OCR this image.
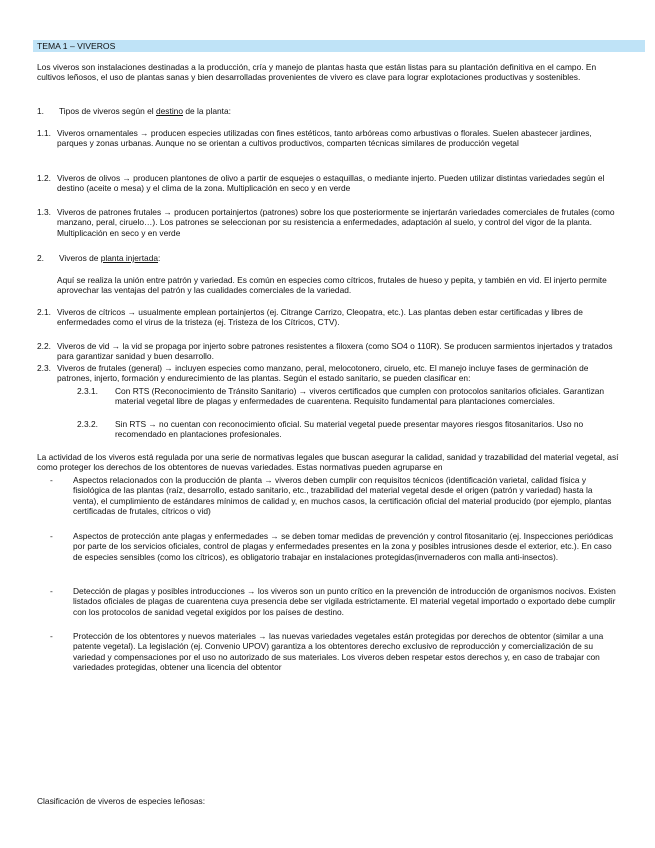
TEMA 1 – VIVEROS

Los viveros son instalaciones destinadas a la producción, cría y manejo de plantas hasta que están listas para su plantación definitiva en el campo. En cultivos leñosos, el uso de plantas sanas y bien desarrolladas provenientes de vivero es clave para lograr explotaciones productivas y sostenibles.

1.	Tipos de viveros según el destino de la planta:
1.1. Viveros ornamentales → producen especies utilizadas con fines estéticos, tanto arbóreas como arbustivas o florales. Suelen abastecer jardines, parques y zonas urbanas. Aunque no se orientan a cultivos productivos, comparten técnicas similares de producción vegetal
1.2. Viveros de olivos → producen plantones de olivo a partir de esquejes o estaquillas, o mediante injerto. Pueden utilizar distintas variedades según el destino (aceite o mesa) y el clima de la zona. Multiplicación en seco y en verde
1.3. Viveros de patrones frutales → producen portainjertos (patrones) sobre los que posteriormente se injertarán variedades comerciales de frutales (como manzano, peral, ciruelo…). Los patrones se seleccionan por su resistencia a enfermedades, adaptación al suelo, y control del vigor de la planta. Multiplicación en seco y en verde
2.	Viveros de planta injertada:

Aquí se realiza la unión entre patrón y variedad. Es común en especies como cítricos, frutales de hueso y pepita, y también en vid. El injerto permite aprovechar las ventajas del patrón y las cualidades comerciales de la variedad.

2.1. Viveros de cítricos → usualmente emplean portainjertos (ej. Citrange Carrizo, Cleopatra, etc.). Las plantas deben estar certificadas y libres de enfermedades como el virus de la tristeza (ej. Tristeza de los Cítricos, CTV).
2.2. Viveros de vid → la vid se propaga por injerto sobre patrones resistentes a filoxera (como SO4 o 110R). Se producen sarmientos injertados y tratados para garantizar sanidad y buen desarrollo.
2.3. Viveros de frutales (general) → incluyen especies como manzano, peral, melocotonero, ciruelo, etc. El manejo incluye fases de germinación de patrones, injerto, formación y endurecimiento de las plantas. Según el estado sanitario, se pueden clasificar en:
2.3.1.	Con RTS (Reconocimiento de Tránsito Sanitario) → viveros certificados que cumplen con protocolos sanitarios oficiales. Garantizan material vegetal libre de plagas y enfermedades de cuarentena. Requisito fundamental para plantaciones comerciales.
2.3.2.	Sin RTS → no cuentan con reconocimiento oficial. Su material vegetal puede presentar mayores riesgos fitosanitarios. Uso no recomendado en plantaciones profesionales.

La actividad de los viveros está regulada por una serie de normativas legales que buscan asegurar la calidad, sanidad y trazabilidad del material vegetal, así como proteger los derechos de los obtentores de nuevas variedades. Estas normativas pueden agruparse en

-	Aspectos relacionados con la producción de planta → viveros deben cumplir con requisitos técnicos (identificación varietal, calidad física y fisiológica de las plantas (raíz, desarrollo, estado sanitario, etc., trazabilidad del material vegetal desde el origen (patrón y variedad) hasta la venta), el cumplimiento de estándares mínimos de calidad y, en muchos casos, la certificación oficial del material producido (por ejemplo, plantas certificadas de frutales, cítricos o vid)
-	Aspectos de protección ante plagas y enfermedades → se deben tomar medidas de prevención y control fitosanitario (ej. Inspecciones periódicas por parte de los servicios oficiales, control de plagas y enfermedades presentes en la zona y posibles intrusiones desde el exterior, etc.). En caso de especies sensibles (como los cítricos), es obligatorio trabajar en instalaciones protegidas(invernaderos con malla anti-insectos).
-	Detección de plagas y posibles introducciones → los viveros son un punto crítico en la prevención de introducción de organismos nocivos. Existen listados oficiales de plagas de cuarentena cuya presencia debe ser vigilada estrictamente. El material vegetal importado o exportado debe cumplir con los protocolos de sanidad vegetal exigidos por los países de destino.
-	Protección de los obtentores y nuevos materiales → las nuevas variedades vegetales están protegidas por derechos de obtentor (similar a una patente vegetal). La legislación (ej. Convenio UPOV) garantiza a los obtentores derecho exclusivo de reproducción y comercialización de su variedad y compensaciones por el uso no autorizado de sus materiales. Los viveros deben respetar estos derechos y, en caso de trabajar con variedades protegidas, obtener una licencia del obtentor

Clasificación de viveros de especies leñosas:
